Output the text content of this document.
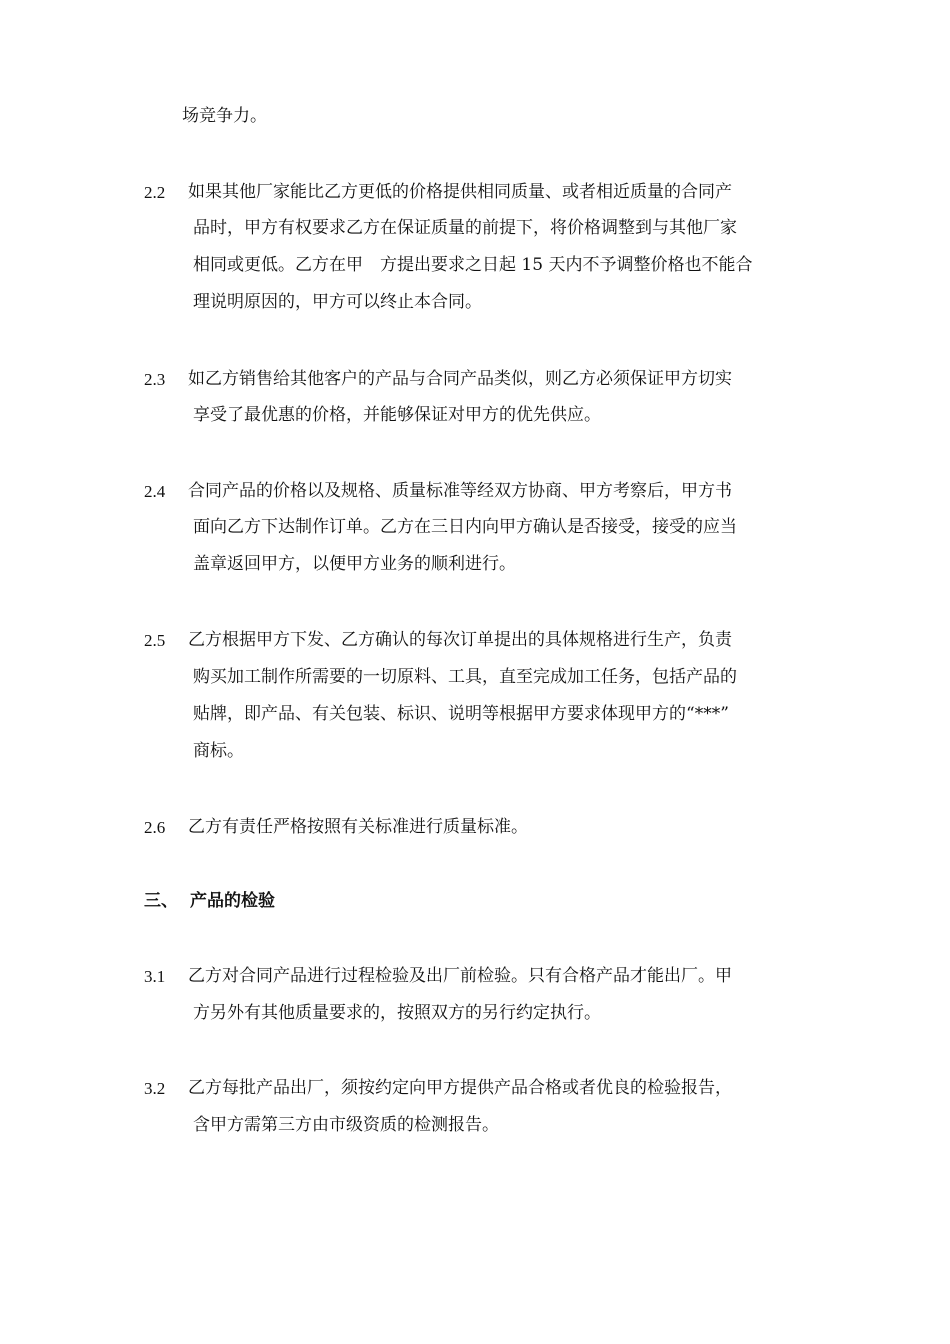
场竞争力。
2.2 如果其他厂家能比乙方更低的价格提供相同质量、或者相近质量的合同产
品时，甲方有权要求乙方在保证质量的前提下，将价格调整到与其他厂家
相同或更低。乙方在甲　方提出要求之日起 15 天内不予调整价格也不能合
理说明原因的，甲方可以终止本合同。
2.3 如乙方销售给其他客户的产品与合同产品类似，则乙方必须保证甲方切实
享受了最优惠的价格，并能够保证对甲方的优先供应。
2.4 合同产品的价格以及规格、质量标准等经双方协商、甲方考察后，甲方书
面向乙方下达制作订单。乙方在三日内向甲方确认是否接受，接受的应当
盖章返回甲方，以便甲方业务的顺利进行。
2.5 乙方根据甲方下发、乙方确认的每次订单提出的具体规格进行生产，负责
购买加工制作所需要的一切原料、工具，直至完成加工任务，包括产品的
贴牌，即产品、有关包装、标识、说明等根据甲方要求体现甲方的“***”
商标。
2.6 乙方有责任严格按照有关标准进行质量标准。
三、 产品的检验
3.1 乙方对合同产品进行过程检验及出厂前检验。只有合格产品才能出厂。甲
方另外有其他质量要求的，按照双方的另行约定执行。
3.2 乙方每批产品出厂，须按约定向甲方提供产品合格或者优良的检验报告，
含甲方需第三方由市级资质的检测报告。
